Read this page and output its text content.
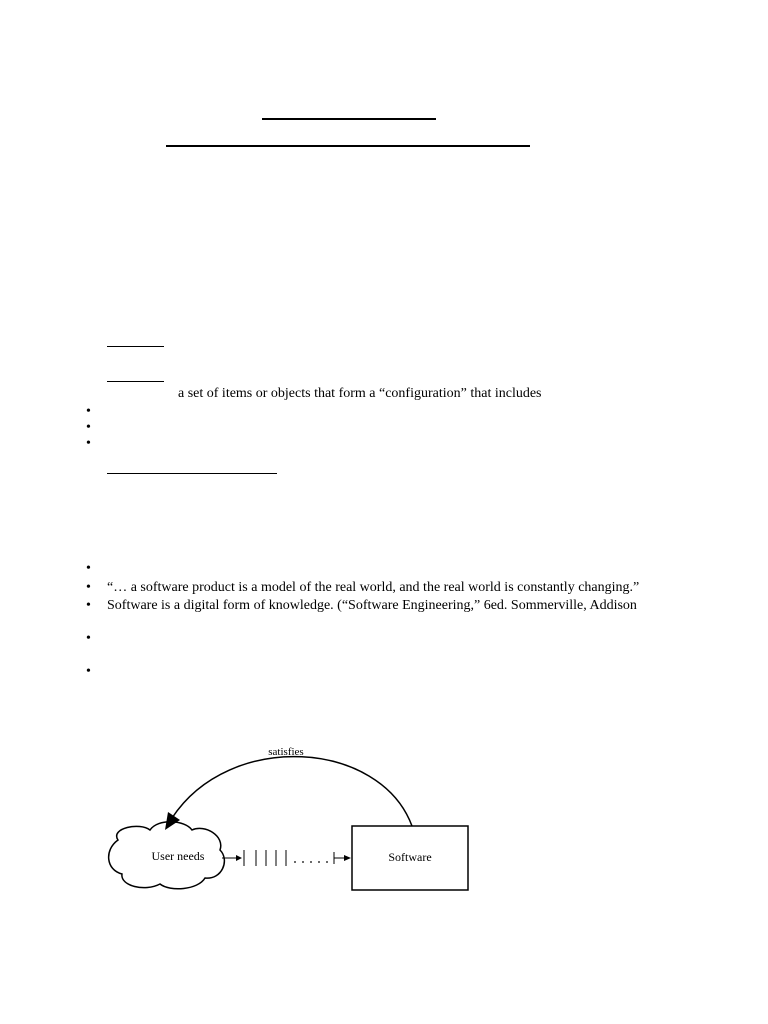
a set of items or objects that form a “configuration” that includes
•
•
•
•
•
“… a software product is a model of the real world, and the real world is constantly changing.”
•
Software is a digital form of knowledge. (“Software Engineering,” 6ed. Sommerville, Addison
•
•
satisfies
User needs	Software
